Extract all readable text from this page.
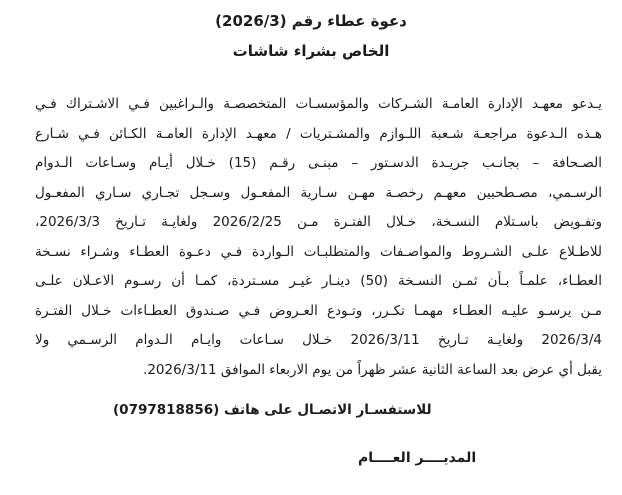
دعوة عطاء رقم (2026/3)
الخاص بشراء شاشات
يـدعو معهـد الإدارة العامـة الشـركات والمؤسسـات المتخصصـة والـراغبين فـي الاشـتراك فـي
هـذه الـدعوة مراجعـة شـعبة اللـوازم والمشـتريات / معهـد الإدارة العامـة الكـائن فـي شـارع
الصـحافة – بجانـب جريـدة الدسـتور – مبنـى رقـم (15) خـلال أيـام وسـاعات الـدوام
الرسـمي، مصـطحبين معهـم رخصـة مهـن سـارية المفعـول وسـجل تجـاري سـاري المفعـول
وتفـويض باسـتلام النسـخة، خـلال الفتـرة مـن 2026/2/25 ولغايـة تـاريخ 2026/3/3،
للاطـلاع علـى الشـروط والمواصـفات والمتطلبـات الـواردة فـي دعـوة العطـاء وشـراء نسـخة
العطـاء، علمـاً بـأن ثمـن النسـخة (50) دينـار غيـر مسـتردة، كمـا أن رسـوم الاعـلان علـى
مـن يرسـو عليـه العطـاء مهمـا تكـرر، وتـودع العـروض فـي صـندوق العطـاءات خـلال الفتـرة
2026/3/4 ولغايـة تـاريخ 2026/3/11 خـلال سـاعات وايـام الـدوام الرسـمي ولا
يقبل أي عرض بعد الساعة الثانية عشر ظهراً من يوم الاربعاء الموافق 2026/3/11.
للاستفسـار الاتصـال على هاتف (0797818856)
المديــــر العــــام
